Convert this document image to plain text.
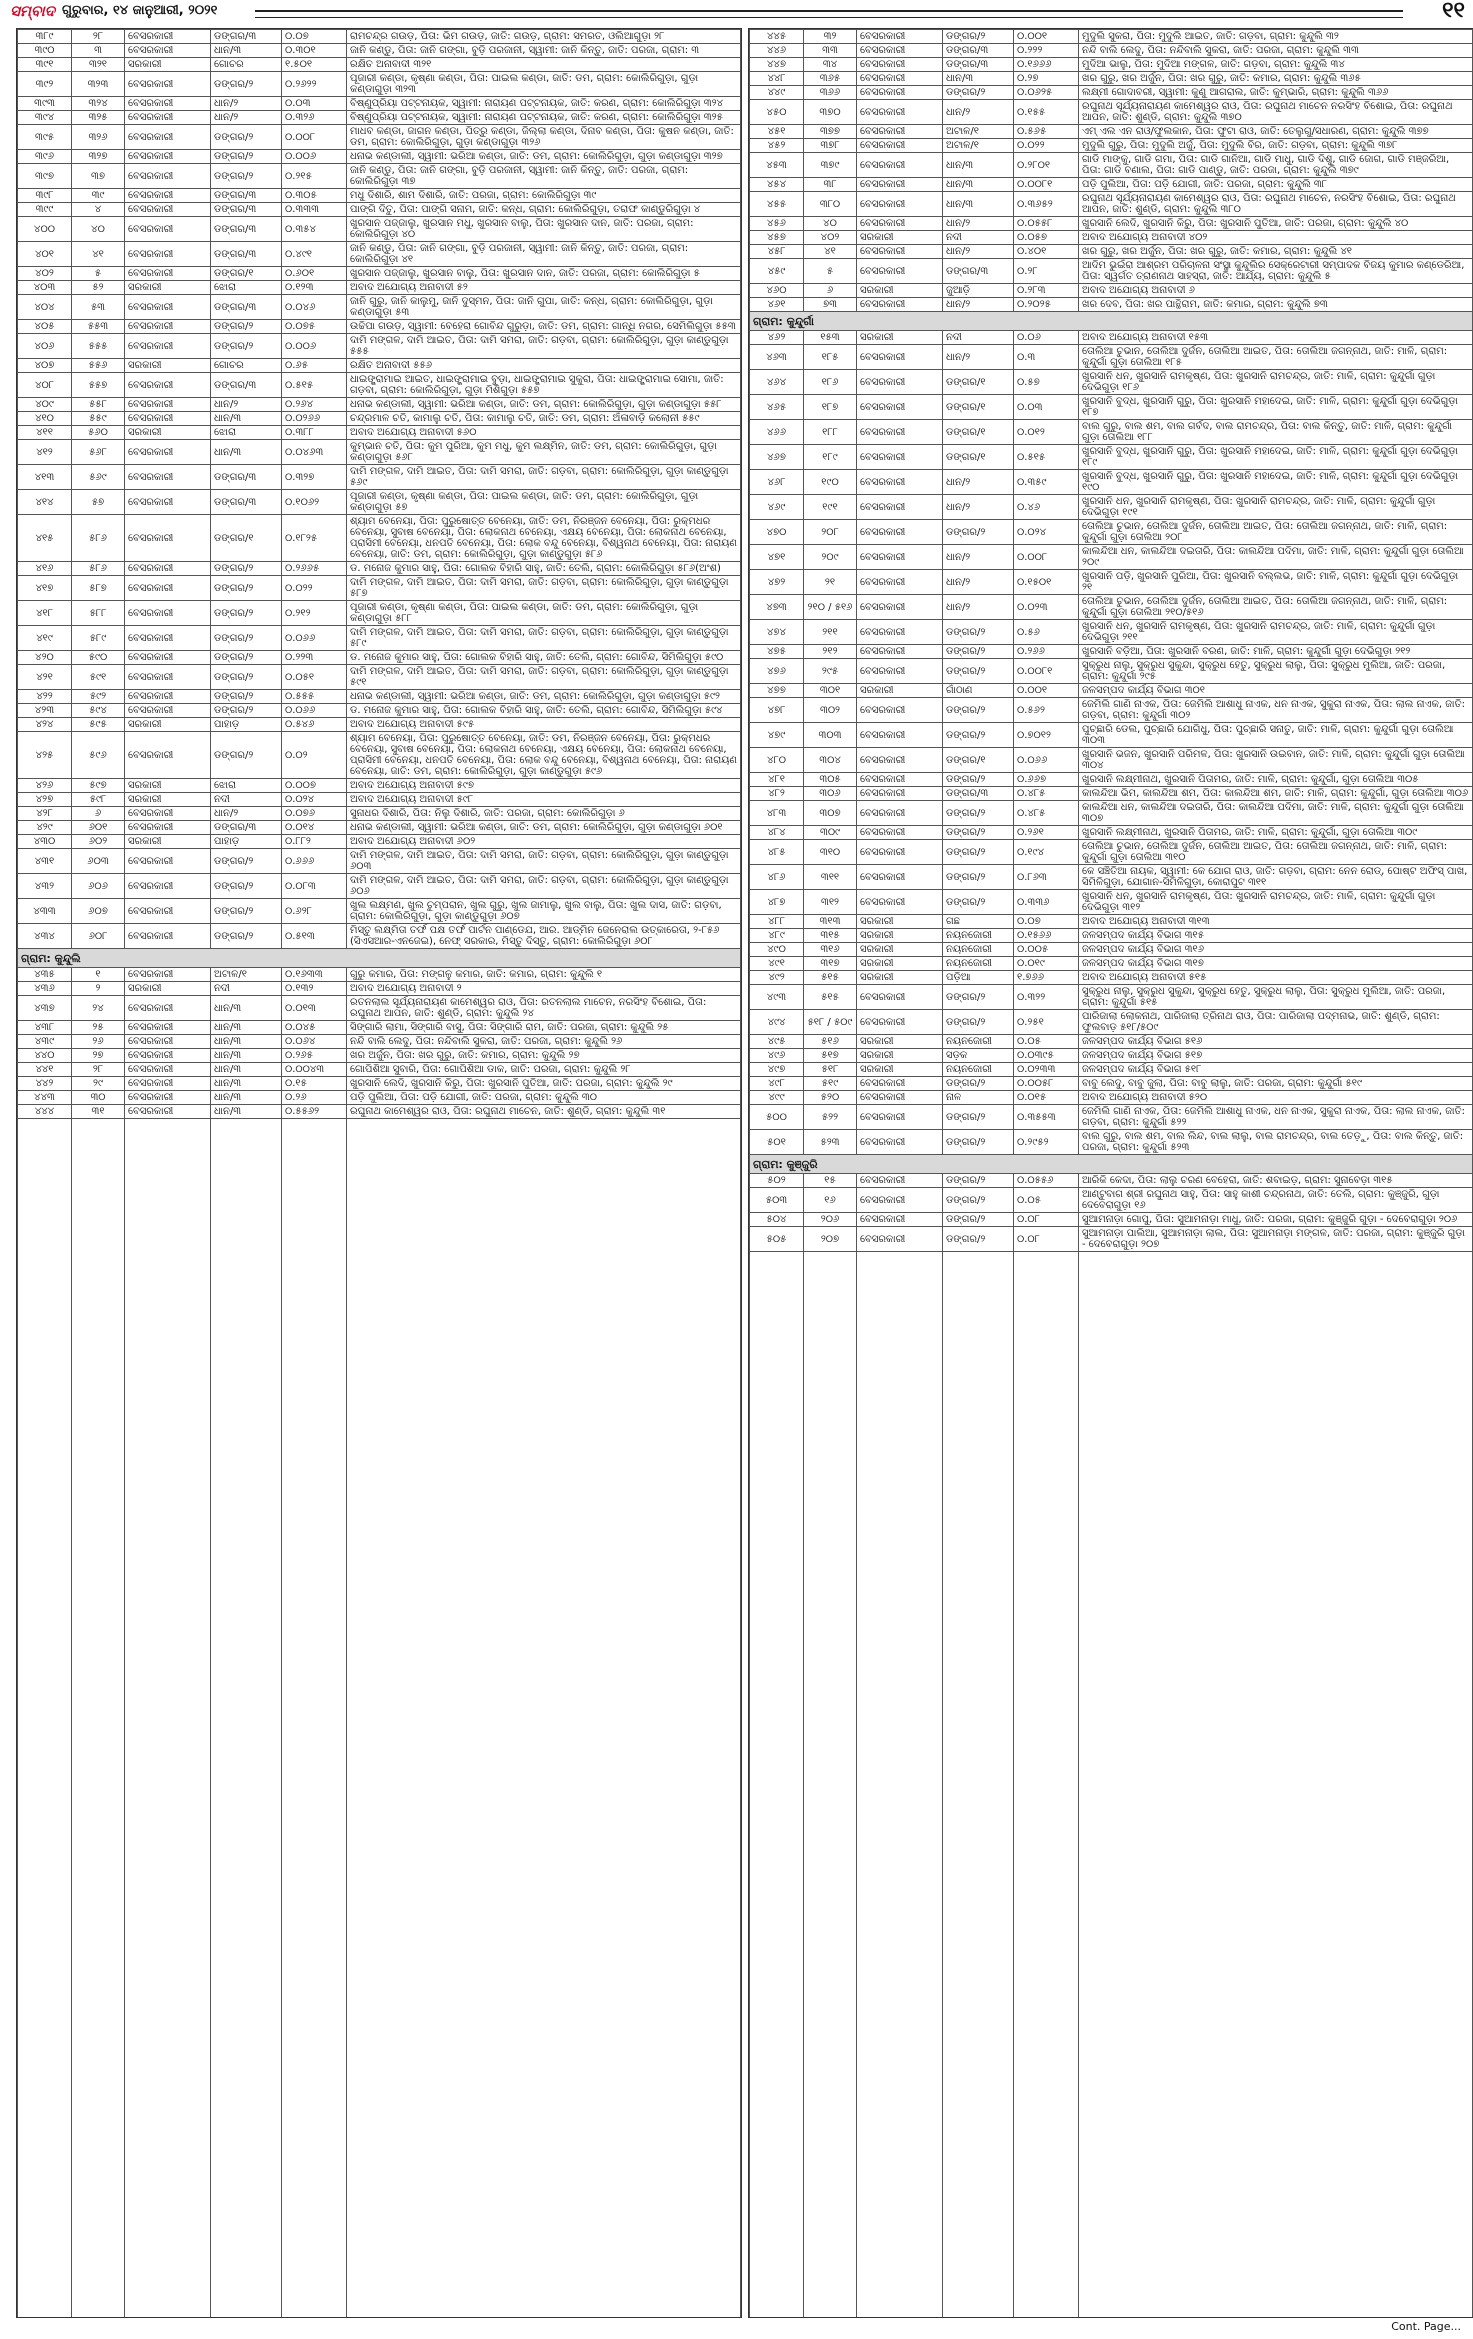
ସମ୍ବାଦ ଗୁରୁବାର, ୧୪ ଜାନୁଆରୀ, ୨୦୨୧	୧୧
୩୮୯	୨୮	ବେସରକାରୀ	ଡଙ୍ଗର/୩	୦.୦୭	ରାମଚନ୍ଦ୍ର ଗଉଡ଼, ପିତା: ଭିମ ଗଉଡ଼, ଜାତି: ଗଉଡ଼, ଗ୍ରାମ: ସମରତ, ଓଲିଆଗୁଡ଼ା ୨୮
୩୯୦	୩	ବେସରକାରୀ	ଧାନ/୩	୦.୩୦୧	ଜାନି କଣ୍ଡୁ, ପିତା: ଜାନି ଗଙ୍ଗା, ବୁଡ଼ି ପରଜାନୀ, ସ୍ୱାମୀ: ଜାନି କିନ୍ତୁ, ଜାତି: ପରଜା, ଗ୍ରାମ: ୩
୩୯୧	୩୨୧	ସରକାରୀ	ଗୋଚର	୧.୫୦୧	ରକ୍ଷିତ ଅନାବାଦୀ ୩୨୧
୩୯୨	୩୨୩	ବେସରକାରୀ	ଡଙ୍ଗର/୨	୦.୨୬୨୨	ପୂଜାରୀ କଣ୍ଡା, କୃଷ୍ଣା କଣ୍ଡା, ପିତା: ପାଇଲ କଣ୍ଡା, ଜାତି: ଡମ, ଗ୍ରାମ: କୋଲିରିଗୁଡ଼ା, ଗୁଡ଼ା କଣ୍ଡାଗୁଡ଼ା ୩୨୩
୩୯୩	୩୨୪	ବେସରକାରୀ	ଧାନ/୨	୦.୦୩	ବିଷ୍ଣୁପ୍ରିୟା ପଟ୍ଟନାୟକ, ସ୍ୱାମୀ: ନାରାୟଣ ପଟ୍ଟନାୟକ, ଜାତି: କରଣ, ଗ୍ରାମ: କୋଲିରିଗୁଡ଼ା ୩୨୪
୩୯୪	୩୨୫	ବେସରକାରୀ	ଧାନ/୨	୦.୩୨୬	ବିଷ୍ଣୁପ୍ରିୟା ପଟ୍ଟନାୟକ, ସ୍ୱାମୀ: ନାରାୟଣ ପଟ୍ଟନାୟକ, ଜାତି: କରଣ, ଗ୍ରାମ: କୋଲିରିଗୁଡ଼ା ୩୨୫
୩୯୫	୩୨୬	ବେସରକାରୀ	ଡଙ୍ଗର/୨	୦.୦୦୮	ମାଧବ କଣ୍ଡା, ଜାଗନ କଣ୍ଡା, ପିତ୍ରୁ କଣ୍ଡା, ଜିଲ୍ଲା କଣ୍ଡା, ଦିନାବ କଣ୍ଡା, ପିତା: କୁଷନ କଣ୍ଡା, ଜାତି: ଡମ, ଗ୍ରାମ: କୋଲିରିଗୁଡ଼ା, ଗୁଡ଼ା କଣ୍ଡାଗୁଡ଼ା ୩୨୬
୩୯୬	୩୨୭	ବେସରକାରୀ	ଡଙ୍ଗର/୨	୦.୦୦୬	ଧନାଭ କଣ୍ଡାଲୀ, ସ୍ୱାମୀ: ଭରିଆ କଣ୍ଡା, ଜାତି: ଡମ, ଗ୍ରାମ: କୋଲିରିଗୁଡ଼ା, ଗୁଡ଼ା କଣ୍ଡାଗୁଡ଼ା ୩୨୭
୩୯୭	୩୭	ବେସରକାରୀ	ଡଙ୍ଗର/୨	୦.୨୧୫	ଜାନି କଣ୍ଡୁ, ପିତା: ଜାନି ଗଙ୍ଗା, ବୁଡ଼ି ପରଜାନୀ, ସ୍ୱାମୀ: ଜାନି କିନ୍ତୁ, ଜାତି: ପରଜା, ଗ୍ରାମ: କୋଲିରିଗୁଡ଼ା ୩୭
୩୯୮	୩୯	ବେସରକାରୀ	ଡଙ୍ଗର/୩	୦.୩୦୫	ମଧୁ ଦିଶାରି, ଶାମ ଦିଶାରି, ଜାତି: ପରଜା, ଗ୍ରାମ: କୋଲିରିଗୁଡ଼ା ୩୯
୩୯୯	୪	ବେସରକାରୀ	ଡଙ୍ଗର/୩	୦.୩୩୩	ପାଙ୍ଗି ଦିତୁ, ପିତା: ପାଙ୍ଗି ସନାମ, ଜାତି: କନ୍ଧ, ଗ୍ରାମ: କୋଲିରିଗୁଡ଼ା, ତରାଫ କାଣ୍ଡୁରିଗୁଡ଼ା ୪
୪୦୦	୪୦	ବେସରକାରୀ	ଡଙ୍ଗର/୩	୦.୩୫୪	ଖୁରସାନ ପଜ୍ଜାଲୁ, ଖୁରସାନ ମଧୁ, ଖୁରସାନ ବାଲୁ, ପିତା: ଖୁରସାନ ଦାନ, ଜାତି: ପରଜା, ଗ୍ରାମ: କୋଲିରିଗୁଡ଼ା ୪୦
୪୦୧	୪୧	ବେସରକାରୀ	ଡଙ୍ଗର/୩	୦.୪୯୧	ଜାନି କଣ୍ଡୁ, ପିତା: ଜାନି ଗଙ୍ଗା, ବୁଡ଼ି ପରଜାନୀ, ସ୍ୱାମୀ: ଜାନି କିନ୍ତୁ, ଜାତି: ପରଜା, ଗ୍ରାମ: କୋଲିରିଗୁଡ଼ା ୪୧
୪୦୨	୫	ବେସରକାରୀ	ଡଙ୍ଗର/୧	୦.୬୦୧	ଖୁରସାନ ପଜ୍ଜାଲୁ, ଖୁରସାନ ବାଲୁ, ପିତା: ଖୁରସାନ ଦାନ, ଜାତି: ପରଜା, ଗ୍ରାମ: କୋଲିରିଗୁଡ଼ା ୫
୪୦୩	୫୨	ସରକାରୀ	ଝୋରା	୦.୧୨୩	ଅବାଦ ଅଯୋଗ୍ୟ ଅନାବାଦୀ ୫୨
୪୦୪	୫୩	ବେସରକାରୀ	ଡଙ୍ଗର/୩	୦.୦୪୬	ଜାନି ଗୁରୁ, ଜାନି କାଲୁମୁ, ଜାନି ଦୁସ୍ମନ, ପିତା: ଜାନି ଗୁପା, ଜାତି: କନ୍ଧ, ଗ୍ରାମ: କୋଲିରିଗୁଡ଼ା, ଗୁଡ଼ା କଣ୍ଡାଗୁଡ଼ା ୫୩
୪୦୫	୫୫୩	ବେସରକାରୀ	ଡଙ୍ଗର/୨	୦.୦୭୫	ଉଚ୍ଚିପା ଗଉଡ଼, ସ୍ୱାମୀ: ବେହେରା ଗୋବିନ୍ଦ ଗୁରୁଡ଼ା, ଜାତି: ଡମ, ଗ୍ରାମ: ଗାନ୍ଧି ନଗର, ସେମିଲିଗୁଡ଼ା ୫୫୩
୪୦୬	୫୫୫	ବେସରକାରୀ	ଡଙ୍ଗର/୨	୦.୦୦୬	ଦାମି ମଙ୍ଗଳ, ଦାମି ଆଇତ, ପିତା: ଦାମି ସମରା, ଜାତି: ଗଡ଼ବା, ଗ୍ରାମ: କୋଲିରିଗୁଡ଼ା, ଗୁଡ଼ା କାଣ୍ଡୁଗୁଡ଼ା ୫୫୫
୪୦୭	୫୫୬	ସରକାରୀ	ଗୋଚର	୦.୬୫	ରକ୍ଷିତ ଅନାବାଦୀ ୫୫୬
୪୦୮	୫୫୭	ବେସରକାରୀ	ଡଙ୍ଗର/୩	୦.୫୧୫	ଧାଇଙ୍ଗ୍ରାମାଇ ଆଇତ, ଧାଇଙ୍ଗ୍ରାମାଇ ବୁଡ଼ା, ଧାଇଙ୍ଗ୍ରାମାଇ ସୁକୁରା, ପିତା: ଧାଇଙ୍ଗ୍ରାମାଇ ସୋମା, ଜାତି: ଗଡ଼ବା, ଗ୍ରାମ: କୋଲିରିଗୁଡ଼ା, ଗୁଡ଼ା ମିଶିଗୁଡ଼ା ୫୫୭
୪୦୯	୫୫୮	ବେସରକାରୀ	ଧାନ/୨	୦.୨୬୪	ଧନାଭ କଣ୍ଡାଲୀ, ସ୍ୱାମୀ: ଭରିଆ କଣ୍ଡା, ଜାତି: ଡମ, ଗ୍ରାମ: କୋଲିରିଗୁଡ଼ା, ଗୁଡ଼ା କଣ୍ଡାଗୁଡ଼ା ୫୫୮
୪୧୦	୫୫୯	ବେସରକାରୀ	ଧାନ/୩	୦.୦୨୬୬	ଚନ୍ଦ୍ରମାଳ ଚତି, କାମାଲୁ ଚତି, ପିତା: କାମାଲୁ ଚତି, ଜାତି: ଡମ, ଗ୍ରାମ: ଅଁଳାବାଡ଼ି କଲୋନୀ ୫୫୯
୪୧୧	୫୬୦	ସରକାରୀ	ଝୋରା	୦.୩୮୮	ଅବାଦ ଅଯୋଗ୍ୟ ଅନାବାଦୀ ୫୬୦
୪୧୨	୫୬୮	ବେସରକାରୀ	ଧାନ/୩	୦.୦୪୬୩	କୁମ୍ଭାନ ଚତି, ପିତା: କୁମ ପୁରିଆ, କୁମ ମଧୁ, କୁମ ଲକ୍ଷ୍ମିନ, ଜାତି: ଡମ, ଗ୍ରାମ: କୋଲିରିଗୁଡ଼ା, ଗୁଡ଼ା କଣ୍ଡାଗୁଡ଼ା ୫୬୮
୪୧୩	୫୬୯	ବେସରକାରୀ	ଡଙ୍ଗର/୩	୦.୩୨୭	ଦାମି ମଙ୍ଗଳ, ଦାମି ଆଇତ, ପିତା: ଦାମି ସମରା, ଜାତି: ଗଡ଼ବା, ଗ୍ରାମ: କୋଲିରିଗୁଡ଼ା, ଗୁଡ଼ା କାଣ୍ଡୁଗୁଡ଼ା ୫୬୯
୪୧୪	୫୭	ବେସରକାରୀ	ଡଙ୍ଗର/୩	୦.୧୦୬୨	ପୂଜାରୀ କଣ୍ଡା, କୃଷ୍ଣା କଣ୍ଡା, ପିତା: ପାଇଲ କଣ୍ଡା, ଜାତି: ଡମ, ଗ୍ରାମ: କୋଲିରିଗୁଡ଼ା, ଗୁଡ଼ା କଣ୍ଡାଗୁଡ଼ା ୫୭
୪୧୫	୫୮୬	ବେସରକାରୀ	ଡଙ୍ଗର/୧	୦.୧୮୨୫	ଶ୍ୟାମ ବେନେୟା, ପିତା: ପୁରୁଷୋତ୍ତ ବେନେୟା, ଜାତି: ଡମ, ନିରଞ୍ଜନ ବେନେୟା, ପିତା: ରୁକ୍ମଧର ବେନେୟା, ସୁବାଷ ବେନେୟା, ପିତା: ଲୋକନାଥ ବେନେୟା, ଏକ୍ଷୟ ବେନେୟା, ପିତା: ଲୋକନାଥ ବେନେୟା, ପ୍ରାସିମୀ ବେନେୟା, ଧନପତି ବେନେୟା, ପିତା: ଲୋକ ବନ୍ଦୁ ବେନେୟା, ବିଶ୍ୱନାଥ ବେନେୟା, ପିତା: ନାରାୟଣ ବେନେୟା, ଜାତି: ଡମ, ଗ୍ରାମ: କୋଲିରିଗୁଡ଼ା, ଗୁଡ଼ା କାଣ୍ଡୁଗୁଡ଼ା ୫୮୬
୪୧୬	୫୮୬	ବେସରକାରୀ	ଡଙ୍ଗର/୨	୦.୨୬୬୫	ଡ. ମନୋଜ କୁମାର ସାହୁ, ପିତା: ଗୋଲକ ବିହାରି ସାହୁ, ଜାତି: ତେଲି, ଗ୍ରାମ: କୋଲିରିଗୁଡ଼ା ୫୮୬(ଅଂଶ)
୪୧୭	୫୮୭	ବେସରକାରୀ	ଡଙ୍ଗର/୨	୦.୦୨୨	ଦାମି ମଙ୍ଗଳ, ଦାମି ଆଇତ, ପିତା: ଦାମି ସମରା, ଜାତି: ଗଡ଼ବା, ଗ୍ରାମ: କୋଲିରିଗୁଡ଼ା, ଗୁଡ଼ା କାଣ୍ଡୁଗୁଡ଼ା ୫୮୭
୪୧୮	୫୮୮	ବେସରକାରୀ	ଡଙ୍ଗର/୨	୦.୨୧୨	ପୂଜାରୀ କଣ୍ଡା, କୃଷ୍ଣା କଣ୍ଡା, ପିତା: ପାଇଲ କଣ୍ଡା, ଜାତି: ଡମ, ଗ୍ରାମ: କୋଲିରିଗୁଡ଼ା, ଗୁଡ଼ା କଣ୍ଡାଗୁଡ଼ା ୫୮୮
୪୧୯	୫୮୯	ବେସରକାରୀ	ଡଙ୍ଗର/୨	୦.୦୬୬	ଦାମି ମଙ୍ଗଳ, ଦାମି ଆଇତ, ପିତା: ଦାମି ସମରା, ଜାତି: ଗଡ଼ବା, ଗ୍ରାମ: କୋଲିରିଗୁଡ଼ା, ଗୁଡ଼ା କାଣ୍ଡୁଗୁଡ଼ା ୫୮୯
୪୨୦	୫୯୦	ବେସରକାରୀ	ଡଙ୍ଗର/୨	୦.୨୨୩	ଡ. ମନୋଜ କୁମାର ସାହୁ, ପିତା: ଗୋଲକ ବିହାରି ସାହୁ, ଜାତି: ତେଲି, ଗ୍ରାମ: ଗୋବିନ୍ଦ, ସିମିଲିଗୁଡ଼ା ୫୯୦
୪୨୧	୫୯୧	ବେସରକାରୀ	ଡଙ୍ଗର/୨	୦.୦୫୧	ଦାମି ମଙ୍ଗଳ, ଦାମି ଆଇତ, ପିତା: ଦାମି ସମରା, ଜାତି: ଗଡ଼ବା, ଗ୍ରାମ: କୋଲିରିଗୁଡ଼ା, ଗୁଡ଼ା କାଣ୍ଡୁଗୁଡ଼ା ୫୯୧
୪୨୨	୫୯୨	ବେସରକାରୀ	ଡଙ୍ଗର/୨	୦.୫୫୫	ଧନାଭ କଣ୍ଡାଲୀ, ସ୍ୱାମୀ: ଭରିଆ କଣ୍ଡା, ଜାତି: ଡମ, ଗ୍ରାମ: କୋଲିରିଗୁଡ଼ା, ଗୁଡ଼ା କଣ୍ଡାଗୁଡ଼ା ୫୯୨
୪୨୩	୫୯୪	ବେସରକାରୀ	ଡଙ୍ଗର/୨	୦.୦୬୬	ଡ. ମନୋଜ କୁମାର ସାହୁ, ପିତା: ଗୋଲକ ବିହାରି ସାହୁ, ଜାତି: ତେଲି, ଗ୍ରାମ: ଗୋବିନ୍ଦ, ସିମିଲିଗୁଡ଼ା ୫୯୪
୪୨୪	୫୯୫	ସରକାରୀ	ପାହାଡ଼	୦.୫୪୬	ଅବାଦ ଅଯୋଗ୍ୟ ଅନାବାଦୀ ୫୯୫
୪୨୫	୫୯୬	ବେସରକାରୀ	ଡଙ୍ଗର/୨	୦.୦୨	ଶ୍ୟାମ ବେନେୟା, ପିତା: ପୁରୁଷୋତ୍ତ ବେନେୟା, ଜାତି: ଡମ, ନିରଞ୍ଜନ ବେନେୟା, ପିତା: ରୁକ୍ମଧର ବେନେୟା, ସୁବାଷ ବେନେୟା, ପିତା: ଲୋକନାଥ ବେନେୟା, ଏକ୍ଷୟ ବେନେୟା, ପିତା: ଲୋକନାଥ ବେନେୟା, ପ୍ରାସିମୀ ବେନେୟା, ଧନପତି ବେନେୟା, ପିତା: ଲୋକ ବନ୍ଦୁ ବେନେୟା, ବିଶ୍ୱନାଥ ବେନେୟା, ପିତା: ନାରାୟଣ ବେନେୟା, ଜାତି: ଡମ, ଗ୍ରାମ: କୋଲିରିଗୁଡ଼ା, ଗୁଡ଼ା କାଣ୍ଡୁଗୁଡ଼ା ୫୯୬
୪୨୬	୫୯୭	ସରକାରୀ	ଝୋରା	୦.୦୦୭	ଅବାଦ ଅଯୋଗ୍ୟ ଅନାବାଦୀ ୫୯୭
୪୨୭	୫୯୮	ସରକାରୀ	ନଦୀ	୦.୦୨୪	ଅବାଦ ଅଯୋଗ୍ୟ ଅନାବାଦୀ ୫୯୮
୪୨୮	୬	ବେସରକାରୀ	ଧାନ/୨	୦.୦୭୬	ସୁନାଧର ଦିଶାରି, ପିତା: ନିଲୁ ଦିଶାରି, ଜାତି: ପରଜା, ଗ୍ରାମ: କୋଲିରିଗୁଡ଼ା ୬
୪୨୯	୬୦୧	ବେସରକାରୀ	ଡଙ୍ଗର/୩	୦.୦୧୪	ଧନାଭ କଣ୍ଡାଲୀ, ସ୍ୱାମୀ: ଭରିଆ କଣ୍ଡା, ଜାତି: ଡମ, ଗ୍ରାମ: କୋଲିରିଗୁଡ଼ା, ଗୁଡ଼ା କଣ୍ଡାଗୁଡ଼ା ୬୦୧
୪୩୦	୬୦୨	ସରକାରୀ	ପାହାଡ଼	୦.୮୮୨	ଅବାଦ ଅଯୋଗ୍ୟ ଅନାବାଦୀ ୬୦୨
୪୩୧	୬୦୩	ବେସରକାରୀ	ଡଙ୍ଗର/୨	୦.୬୬୬	ଦାମି ମଙ୍ଗଳ, ଦାମି ଆଇତ, ପିତା: ଦାମି ସମରା, ଜାତି: ଗଡ଼ବା, ଗ୍ରାମ: କୋଲିରିଗୁଡ଼ା, ଗୁଡ଼ା କାଣ୍ଡୁଗୁଡ଼ା ୬୦୩
୪୩୨	୬୦୬	ବେସରକାରୀ	ଡଙ୍ଗର/୨	୦.୦୮୩	ଦାମି ମଙ୍ଗଳ, ଦାମି ଆଇତ, ପିତା: ଦାମି ସମରା, ଜାତି: ଗଡ଼ବା, ଗ୍ରାମ: କୋଲିରିଗୁଡ଼ା, ଗୁଡ଼ା କାଣ୍ଡୁଗୁଡ଼ା ୬୦୬
୪୩୩	୬୦୭	ବେସରକାରୀ	ଡଙ୍ଗର/୨	୦.୬୨୮	ଖୁଲ ଲକ୍ଷ୍ମଣ, ଖୁଲ ଚୁମ୍ପରାନ, ଖୁଲ ଗୁରୁ, ଖୁଲ ଜାମାଲୁ, ଖୁଲ ବାଲୁ, ପିତା: ଖୁଲ ଦାସ, ଜାତି: ଗଡ଼ବା, ଗ୍ରାମ: କୋଲିରିଗୁଡ଼ା, ଗୁଡ଼ା କାଣ୍ଡୁଗୁଡ଼ା ୬୦୭
୪୩୪	୬୦୮	ବେସରକାରୀ	ଡଙ୍ଗର/୨	୦.୫୧୩	ମିସ୍ତୁ ଲକ୍ଷ୍ମିତା ତର୍ଫ ପକ୍ଷ ତର୍ଫ ପାର୍ଟନ ପାଣ୍ଡେଯ, ଆର. ଆଡ୍ମିନ ଜେନେରାଲ ଉତ୍କାରେତା, ୨-୮୫୬ (ସିଏସଆର-ଏନଜେଇ), ନେଫ୍ ସରକାର, ମିସ୍ତୁ ଦିସ୍ତୁ, ଗ୍ରାମ: କୋଲିରିଗୁଡ଼ା ୬୦୮
ଗ୍ରାମ: କୁନ୍ଦୁଲି					
୪୩୫	୧	ବେସରକାରୀ	ଅଟାଳ/୧	୦.୧୬୩୩	ଗୁରୁ କମାର, ପିତା: ମଙ୍ଗଳୁ କମାର, ଜାତି: କମାର, ଗ୍ରାମ: କୁନ୍ଦୁଲି ୧
୪୩୬	୨	ସରକାରୀ	ନଦୀ	୦.୧୩୨	ଅବାଦ ଅଯୋଗ୍ୟ ଅନାବାଦୀ ୨
୪୩୭	୨୪	ବେସରକାରୀ	ଧାନ/୩	୦.୦୧୩	ରତନଲାଲ ସୂର୍ଯ୍ୟନାରାୟଣ କାମେଶ୍ୱର ରାଓ, ପିତା: ରତନଲାଲ ମାଚେନ, ନରସିଂହ ବିଶୋଇ, ପିତା: ରଘୁନାଥ ଆପନ, ଜାତି: ଶୁଣ୍ଡି, ଗ୍ରାମ: କୁନ୍ଦୁଲି ୨୪
୪୩୮	୨୫	ବେସରକାରୀ	ଧାନ/୩	୦.୦୪୫	ସିଙ୍ଗାରି ଲାମା, ସିଙ୍ଗାରି ବାସୁ, ପିତା: ସିଙ୍ଗାରି ରାମ, ଜାତି: ପରଜା, ଗ୍ରାମ: କୁନ୍ଦୁଲି ୨୫
୪୩୯	୨୬	ବେସରକାରୀ	ଧାନ/୩	୦.୦୬୪	ନନ୍ଦି ବାଲି ଲେଦୁ, ପିତା: ନନ୍ଦିବାଲି ସୁକରା, ଜାତି: ପରଜା, ଗ୍ରାମ: କୁନ୍ଦୁଲି ୨୬
୪୪୦	୨୭	ବେସରକାରୀ	ଧାନ/୩	୦.୨୬୫	ଖର ଅର୍ଜୁନ, ପିତା: ଖର ଗୁରୁ, ଜାତି: କମାର, ଗ୍ରାମ: କୁନ୍ଦୁଲି ୨୭
୪୪୧	୨୮	ବେସରକାରୀ	ଧାନ/୩	୦.୦୦୪୩	ଗୋପିଶିଆ ସୁବାରି, ପିତା: ଗୋପିଶିଆ ଡାକ, ଜାତି: ପରଜା, ଗ୍ରାମ: କୁନ୍ଦୁଲି ୨୮
୪୪୨	୨୯	ବେସରକାରୀ	ଧାନ/୩	୦.୧୫	ଖୁରସାନି ଲେଦି, ଖୁରସାନି କିରୁ, ପିତା: ଖୁରସାନି ପୁତିଆ, ଜାତି: ପରଜା, ଗ୍ରାମ: କୁନ୍ଦୁଲି ୨୯
୪୪୩	୩୦	ବେସରକାରୀ	ଧାନ/୩	୦.୨୬	ପଡ଼ି ପୁଲିଆ, ପିତା: ପଡ଼ି ଯୋଗୀ, ଜାତି: ପରଜା, ଗ୍ରାମ: କୁନ୍ଦୁଲି ୩୦
୪୪୪	୩୧	ବେସରକାରୀ	ଧାନ/୩	୦.୫୫୬୨	ରଘୁନାଥ କାମେଶ୍ୱର ରାଓ, ପିତା: ରଘୁନାଥ ମାଚେନ, ଜାତି: ଶୁଣ୍ଡି, ଗ୍ରାମ: କୁନ୍ଦୁଲି ୩୧

୪୪୫	୩୨	ବେସରକାରୀ	ଡଙ୍ଗର/୨	୦.୦୦୧	ମୁଦୁଲି ସୁକରା, ପିତା: ମୁଦୁଲି ଆଇତ, ଜାତି: ଗଡ଼ବା, ଗ୍ରାମ: କୁନ୍ଦୁଲି ୩୨
୪୪୬	୩୩	ବେସରକାରୀ	ଡଙ୍ଗର/୩	୦.୨୨୨	ନନ୍ଦି ବାଲି ଲେଦୁ, ପିତା: ନନ୍ଦିବାଲି ସୁକରା, ଜାତି: ପରଜା, ଗ୍ରାମ: କୁନ୍ଦୁଲି ୩୩
୪୪୭	୩୪	ବେସରକାରୀ	ଡଙ୍ଗର/୩	୦.୧୬୬୬	ମୁଦିଆ ଭାଲୁ, ପିତା: ମୁଦିଆ ମଙ୍ଗଳ, ଜାତି: ଗଡ଼ବା, ଗ୍ରାମ: କୁନ୍ଦୁଲି ୩୪
୪୪୮	୩୬୫	ବେସରକାରୀ	ଧାନ/୩	୦.୨୭	ଖର ଗୁରୁ, ଖର ଅର୍ଜୁନ, ପିତା: ଖର ଗୁରୁ, ଜାତି: କମାର, ଗ୍ରାମ: କୁନ୍ଦୁଲି ୩୬୫
୪୪୯	୩୬୬	ବେସରକାରୀ	ଡଙ୍ଗର/୨	୦.୦୬୨୫	ଲକ୍ଷ୍ମୀ ଗୋଦାବରୀ, ସ୍ୱାମୀ: କୁଣୁ ଆଗରାଲ, ଜାତି: କୁମ୍ଭାରି, ଗ୍ରାମ: କୁନ୍ଦୁଲି ୩୬୬
୪୫୦	୩୭୦	ବେସରକାରୀ	ଧାନ/୨	୦.୧୫୫	ରଘୁନାଥ ସୂର୍ଯ୍ୟନାରାୟଣ କାମେଶ୍ୱର ରାଓ, ପିତା: ରଘୁନାଥ ମାଚେନ ନରସିଂହ ବିଶୋଇ, ପିତା: ରଘୁନାଥ ଆପନ, ଜାତି: ଶୁଣ୍ଡି, ଗ୍ରାମ: କୁନ୍ଦୁଲି ୩୭୦
୪୫୧	୩୭୭	ବେସରକାରୀ	ଅଟାଳ/୧	୦.୫୬୫	ଏମ୍ ଏଲ ଏନ ରାଓ/ଫୁଲକାନ, ପିତା: ଫୁଟା ରାଓ, ଜାତି: ତେଲୁଗୁ/ସଧାରଣ, ଗ୍ରାମ: କୁନ୍ଦୁଲି ୩୭୭
୪୫୨	୩୭୮	ବେସରକାରୀ	ଅଟାଳ/୧	୦.୦୨୨	ମୁଦୁଲି ଗୁରୁ, ପିତା: ମୁଦୁଲି ଅର୍ଜୁ, ପିତା: ମୁଦୁଲି ବିର, ଜାତି: ଗଡ଼ବା, ଗ୍ରାମ: କୁନ୍ଦୁଲି ୩୭୮
୪୫୩	୩୭୯	ବେସରକାରୀ	ଧାନ/୩	୦.୨୮୦୧	ଗାଡି ମାଙ୍କୁ, ଗାଡି ଗମା, ପିତା: ଗାଡି ଗାନିଆ, ଗାଡି ମାଧୁ, ଗାଡି ଦିଶୁ, ଗାଡି ଜୋଗ, ଗାଡି ମଞ୍ଜରିଆ, ପିତା: ଗାଡି ବଣାଲ, ପିତା: ଗାଡି ପାଣ୍ଡୁ, ଜାତି: ପରଜା, ଗ୍ରାମ: କୁନ୍ଦୁଲି ୩୭୯
୪୫୪	୩୮	ବେସରକାରୀ	ଧାନ/୩	୦.୦୦୮୧	ପଡ଼ି ପୁଲିଆ, ପିତା: ପଡ଼ି ଯୋଗୀ, ଜାତି: ପରଜା, ଗ୍ରାମ: କୁନ୍ଦୁଲି ୩୮
୪୫୫	୩୮୦	ବେସରକାରୀ	ଧାନ/୩	୦.୩୬୫୨	ରଘୁନାଥ ସୂର୍ଯ୍ୟନାରାୟଣ କାମେଶ୍ୱର ରାଓ, ପିତା: ରଘୁନାଥ ମାଚେନ, ନରସିଂହ ବିଶୋଇ, ପିତା: ରଘୁନାଥ ଆପନ, ଜାତି: ଶୁଣ୍ଡି, ଗ୍ରାମ: କୁନ୍ଦୁଲି ୩୮୦
୪୫୬	୪୦	ବେସରକାରୀ	ଧାନ/୨	୦.୦୫୫୮	ଖୁରସାନି ଲେଦି, ଖୁରସାନି କିରୁ, ପିତା: ଖୁରସାନି ପୁତିଆ, ଜାତି: ପରଜା, ଗ୍ରାମ: କୁନ୍ଦୁଲି ୪୦
୪୫୭	୪୦୨	ସରକାରୀ	ନଦୀ	୦.୦୫୭	ଅବାଦ ଅଯୋଗ୍ୟ ଅନାବାଦୀ ୪୦୨
୪୫୮	୪୧	ବେସରକାରୀ	ଧାନ/୨	୦.୪୦୧	ଖର ଗୁରୁ, ଖର ଅର୍ଜୁନ, ପିତା: ଖର ଗୁରୁ, ଜାତି: କମାର, ଗ୍ରାମ: କୁନ୍ଦୁଲି ୪୧
୪୫୯	୫	ବେସରକାରୀ	ଡଙ୍ଗର/୩	୦.୨୮	ଆଦିମ ଭୁଇଁରା ଆଶ୍ରମ ପରିଚାଳନା ସଂସ୍ଥା କୁନ୍ଦୁଲିର ସେକ୍ରେଟାରୀ ସମ୍ପାଦକ ବିଜୟ କୁମାର କଣ୍ଡେରିଆ, ପିତା: ସ୍ୱର୍ଗତ ତ୍ରାଣନାଥ ସାହସ୍ରା, ଜାତି: ଆର୍ଯ୍ୟ, ଗ୍ରାମ: କୁନ୍ଦୁଲି ୫
୪୬୦	୬	ସରକାରୀ	ଜୁଆଡ଼ି	୦.୨୮୩	ଅବାଦ ଅଯୋଗ୍ୟ ଅନାବାଦୀ ୬
୪୬୧	୭୩	ବେସରକାରୀ	ଧାନ/୨	୦.୨୦୨୫	ଖର ଦେବ, ପିତା: ଖର ପାନ୍ଥିରାମ, ଜାତି: କମାର, ଗ୍ରାମ: କୁନ୍ଦୁଲି ୭୩
ଗ୍ରାମ: କୁନ୍ଦୁର୍ଗା					
୪୬୨	୧୫୩	ସରକାରୀ	ନଦୀ	୦.୦୬	ଅବାଦ ଅଯୋଗ୍ୟ ଅନାବାଦୀ ୧୫୩
୪୬୩	୧୮୫	ବେସରକାରୀ	ଧାନ/୨	୦.୩	ତୋଲିଆ ଚୁଭାନ, ତୋଲିଆ ଦୁର୍ଜନ, ତୋଲିଆ ଆଇତ, ପିତା: ତୋଲିଆ ଜଗନ୍ନାଥ, ଜାତି: ମାଳି, ଗ୍ରାମ: କୁନ୍ଦୁର୍ଗା ଗୁଡ଼ା ତୋଲିଆ ୧୮୫
୪୬୪	୧୮୬	ବେସରକାରୀ	ଡଙ୍ଗର/୧	୦.୫୭	ଖୁରସାନି ଧନ, ଖୁରସାନି ରାମକୃଷ୍ଣ, ପିତା: ଖୁରସାନି ରାମଚନ୍ଦ୍ର, ଜାତି: ମାଳି, ଗ୍ରାମ: କୁନ୍ଦୁର୍ଗା ଗୁଡ଼ା ଦେଭିଗୁଡ଼ା ୧୮୬
୪୬୫	୧୮୭	ବେସରକାରୀ	ଡଙ୍ଗର/୧	୦.୦୩	ଖୁରସାନି ବୁଦ୍ଧ, ଖୁରସାନି ଗୁରୁ, ପିତା: ଖୁରସାନି ମହାଦେଇ, ଜାତି: ମାଳି, ଗ୍ରାମ: କୁନ୍ଦୁର୍ଗା ଗୁଡ଼ା ଦେଭିଗୁଡ଼ା ୧୮୭
୪୬୬	୧୮୮	ବେସରକାରୀ	ଡଙ୍ଗର/୧	୦.୦୧୨	ବାଲ ଗୁରୁ, ବାଲ ଶମ, ବାଲ ଗର୍ବଦ, ବାଲ ରାମଚନ୍ଦ୍ର, ପିତା: ବାଲ କିନ୍ତୁ, ଜାତି: ମାଳି, ଗ୍ରାମ: କୁନ୍ଦୁର୍ଗା ଗୁଡ଼ା ତୋଲିଆ ୧୮୮
୪୬୭	୧୮୯	ବେସରକାରୀ	ଡଙ୍ଗର/୧	୦.୫୧୫	ଖୁରସାନି ବୁଦ୍ଧ, ଖୁରସାନି ଗୁରୁ, ପିତା: ଖୁରସାନି ମହାଦେଇ, ଜାତି: ମାଳି, ଗ୍ରାମ: କୁନ୍ଦୁର୍ଗା ଗୁଡ଼ା ଦେଭିଗୁଡ଼ା ୧୮୯
୪୬୮	୧୯୦	ବେସରକାରୀ	ଧାନ/୨	୦.୩୫୯	ଖୁରସାନି ବୁଦ୍ଧ, ଖୁରସାନି ଗୁରୁ, ପିତା: ଖୁରସାନି ମହାଦେଇ, ଜାତି: ମାଳି, ଗ୍ରାମ: କୁନ୍ଦୁର୍ଗା ଗୁଡ଼ା ଦେଭିଗୁଡ଼ା ୧୯୦
୪୬୯	୧୯୧	ବେସରକାରୀ	ଧାନ/୨	୦.୪୬	ଖୁରସାନି ଧନ, ଖୁରସାନି ରାମକୃଷ୍ଣ, ପିତା: ଖୁରସାନି ରାମଚନ୍ଦ୍ର, ଜାତି: ମାଳି, ଗ୍ରାମ: କୁନ୍ଦୁର୍ଗା ଗୁଡ଼ା ଦେଭିଗୁଡ଼ା ୧୯୧
୪୭୦	୨୦୮	ବେସରକାରୀ	ଡଙ୍ଗର/୨	୦.୦୨୪	ତୋଲିଆ ଚୁଭାନ, ତୋଲିଆ ଦୁର୍ଜନ, ତୋଲିଆ ଆଇତ, ପିତା: ତୋଲିଆ ଜଗନ୍ନାଥ, ଜାତି: ମାଳି, ଗ୍ରାମ: କୁନ୍ଦୁର୍ଗା ଗୁଡ଼ା ତୋଲିଆ ୨୦୮
୪୭୧	୨୦୯	ବେସରକାରୀ	ଧାନ/୨	୦.୦୦୮	କାଲନ୍ଦିଆ ଧନ, କାଲନ୍ଦିଆ ଦଇତାରି, ପିତା: କାଲନ୍ଦିଆ ପଦିମା, ଜାତି: ମାଳି, ଗ୍ରାମ: କୁନ୍ଦୁର୍ଗା ଗୁଡ଼ା ତୋଲିଆ ୨୦୯
୪୭୨	୨୧	ବେସରକାରୀ	ଧାନ/୨	୦.୧୫୦୧	ଖୁରସାନି ପଡ଼ି, ଖୁରସାନି ପୁରିଆ, ପିତା: ଖୁରସାନି ବଲ୍ଲଭ, ଜାତି: ମାଳି, ଗ୍ରାମ: କୁନ୍ଦୁର୍ଗା ଗୁଡ଼ା ଦେଭିଗୁଡ଼ା ୨୧
୪୭୩	୨୧୦ / ୫୧୬	ବେସରକାରୀ	ଧାନ/୨	୦.୦୨୩	ତୋଲିଆ ଚୁଭାନ, ତୋଲିଆ ଦୁର୍ଜନ, ତୋଲିଆ ଆଇତ, ପିତା: ତୋଲିଆ ଜଗନ୍ନାଥ, ଜାତି: ମାଳି, ଗ୍ରାମ: କୁନ୍ଦୁର୍ଗା ଗୁଡ଼ା ତୋଲିଆ ୨୧୦/୫୧୬
୪୭୪	୨୧୧	ବେସରକାରୀ	ଡଙ୍ଗର/୨	୦.୫୬	ଖୁରସାନି ଧନ, ଖୁରସାନି ରାମକୃଷ୍ଣ, ପିତା: ଖୁରସାନି ରାମଚନ୍ଦ୍ର, ଜାତି: ମାଳି, ଗ୍ରାମ: କୁନ୍ଦୁର୍ଗା ଗୁଡ଼ା ଦେଭିଗୁଡ଼ା ୨୧୧
୪୭୫	୨୧୨	ବେସରକାରୀ	ଡଙ୍ଗର/୨	୦.୨୬୬	ଖୁରସାନି ବଡ଼ିଆ, ପିତା: ଖୁରସାନି ବରଣ, ଜାତି: ମାଳି, ଗ୍ରାମ: କୁନ୍ଦୁର୍ଗା ଗୁଡ଼ା ଦେଭିଗୁଡ଼ା ୨୧୨
୪୭୬	୨୯୫	ବେସରକାରୀ	ଡଙ୍ଗର/୨	୦.୦୦୮୧	ସୁକ୍ରୁଧ ନାଲୁ, ସୁକ୍ରୁଧ ସୁକୁନ୍ଦା, ସୁକ୍ରୁଧ ହେତୁ, ସୁକ୍ରୁଧ ଲାଲୁ, ପିତା: ସୁକ୍ରୁଧ ମୁଲିଆ, ଜାତି: ପରଜା, ଗ୍ରାମ: କୁନ୍ଦୁର୍ଗା ୨୯୫
୪୭୭	୩୦୧	ସରକାରୀ	ଗାଁଠାଣ	୦.୦୦୧	ଜଳସମ୍ପଦ କାର୍ଯ୍ୟ ବିଭାଗ ୩୦୧
୪୭୮	୩୦୨	ବେସରକାରୀ	ଡଙ୍ଗର/୨	୦.୫୬୨	ଜେମିଲି ଗାଣି ନାଏକ, ପିତା: ଜେମିଲି ଆଶାଧୁ ନାଏକ, ଧନ ନାଏକ, ସୁକୁରା ନାଏକ, ପିତା: ଲାଲ ନାଏକ, ଜାତି: ଗଡ଼ବା, ଗ୍ରାମ: କୁନ୍ଦୁର୍ଗା ୩୦୨
୪୭୯	୩୦୩	ବେସରକାରୀ	ଡଙ୍ଗର/୨	୦.୭୦୧୨	ପୁଚ୍ଛାରି ଡେଲ, ପୁଚ୍ଛାରି ଯୋଗିଧୁ, ପିତା: ପୁଚ୍ଛାରି ସନାତୁ, ଜାତି: ମାଳି, ଗ୍ରାମ: କୁନ୍ଦୁର୍ଗା ଗୁଡ଼ା ତୋଲିଆ ୩୦୩
୪୮୦	୩୦୪	ବେସରକାରୀ	ଡଙ୍ଗର/୧	୦.୦୬୬	ଖୁରସାନି ଭଜନ, ଖୁରସାନି ପରିମଳ, ପିତା: ଖୁରସାନି ଉଇବାନ, ଜାତି: ମାଳି, ଗ୍ରାମ: କୁନ୍ଦୁର୍ଗା ଗୁଡ଼ା ତୋଲିଆ ୩୦୪
୪୮୧	୩୦୫	ବେସରକାରୀ	ଡଙ୍ଗର/୨	୦.୬୬୭	ଖୁରସାନି ଲକ୍ଷ୍ମୀନାଥ, ଖୁରସାନି ପିତାମର, ଜାତି: ମାଳି, ଗ୍ରାମ: କୁନ୍ଦୁର୍ଗା, ଗୁଡ଼ା ତୋଲିଆ ୩୦୫
୪୮୨	୩୦୬	ବେସରକାରୀ	ଡଙ୍ଗର/୩	୦.୪୮୫	କାଲନ୍ଦିଆ ଭିମ, କାଲନ୍ଦିଆ ଶମ, ପିତା: କାଲନ୍ଦିଆ ଶମ, ଜାତି: ମାଳି, ଗ୍ରାମ: କୁନ୍ଦୁର୍ଗା, ଗୁଡ଼ା ତୋଲିଆ ୩୦୬
୪୮୩	୩୦୭	ବେସରକାରୀ	ଡଙ୍ଗର/୨	୦.୪୮୫	କାଲନ୍ଦିଆ ଧନ, କାଲନ୍ଦିଆ ଦଇତାରି, ପିତା: କାଲନ୍ଦିଆ ପଦିମା, ଜାତି: ମାଳି, ଗ୍ରାମ: କୁନ୍ଦୁର୍ଗା ଗୁଡ଼ା ତୋଲିଆ ୩୦୭
୪୮୪	୩୦୯	ବେସରକାରୀ	ଡଙ୍ଗର/୨	୦.୨୬୧	ଖୁରସାନି ଲକ୍ଷ୍ମୀନାଥ, ଖୁରସାନି ପିତାମର, ଜାତି: ମାଳି, ଗ୍ରାମ: କୁନ୍ଦୁର୍ଗା, ଗୁଡ଼ା ତୋଲିଆ ୩୦୯
୪୮୫	୩୧୦	ବେସରକାରୀ	ଡଙ୍ଗର/୨	୦.୧୯୪	ତୋଲିଆ ଚୁଭାନ, ତୋଲିଆ ଦୁର୍ଜନ, ତୋଲିଆ ଆଇତ, ପିତା: ତୋଲିଆ ଜଗନ୍ନାଥ, ଜାତି: ମାଳି, ଗ୍ରାମ: କୁନ୍ଦୁର୍ଗା ଗୁଡ଼ା ତୋଲିଆ ୩୧୦
୪୮୬	୩୧୧	ବେସରକାରୀ	ଡଙ୍ଗର/୨	୦.୮୬୩	କେ ସଞ୍ଚିତିଆ ନାୟକ, ସ୍ୱାମୀ: କେ ଯୋଗ ରାଓ, ଜାତି: ଗଡ଼ବା, ଗ୍ରାମ: ନେନ ରୋଡ୍, ପୋଷ୍ଟ ଅଫିସ୍ ପାଖ, ସିମିଳିଗୁଡ଼ା, ଯୋଗାନ-ସିମିଳିଗୁଡ଼ା, କୋରାପୁଟ ୩୧୧
୪୮୭	୩୧୨	ବେସରକାରୀ	ଡଙ୍ଗର/୨	୦.୩୩୬	ଖୁରସାନି ଧନ, ଖୁରସାନି ରାମକୃଷ୍ଣ, ପିତା: ଖୁରସାନି ରାମଚନ୍ଦ୍ର, ଜାତି: ମାଳି, ଗ୍ରାମ: କୁନ୍ଦୁର୍ଗା ଗୁଡ଼ା ଦେଭିଗୁଡ଼ା ୩୧୨
୪୮୮	୩୧୩	ସରକାରୀ	ଗଛ	୦.୦୭	ଅବାଦ ଅଯୋଗ୍ୟ ଅନାବାଦୀ ୩୧୩
୪୮୯	୩୧୫	ସରକାରୀ	ନୟନଜୋରୀ	୦.୧୫୬୬	ଜଳସମ୍ପଦ କାର୍ଯ୍ୟ ବିଭାଗ ୩୧୫
୪୯୦	୩୧୬	ସରକାରୀ	ନୟନଜୋରୀ	୦.୦୦୫	ଜଳସମ୍ପଦ କାର୍ଯ୍ୟ ବିଭାଗ ୩୧୬
୪୯୧	୩୧୭	ସରକାରୀ	ନୟନଜୋରୀ	୦.୦୧୯	ଜଳସମ୍ପଦ କାର୍ଯ୍ୟ ବିଭାଗ ୩୧୭
୪୯୨	୫୧୫	ସରକାରୀ	ପଡ଼ିଆ	୧.୭୬୬	ଅବାଦ ଅଯୋଗ୍ୟ ଅନାବାଦୀ ୫୧୫
୪୯୩	୫୧୫	ବେସରକାରୀ	ଡଙ୍ଗର/୨	୦.୩୨୨	ସୁକ୍ରୁଧ ନାଲୁ, ସୁକ୍ରୁଧ ସୁକୁନ୍ଦା, ସୁକ୍ରୁଧ ହେତୁ, ସୁକ୍ରୁଧ ଲାଲୁ, ପିତା: ସୁକ୍ରୁଧ ମୁଲିଆ, ଜାତି: ପରଜା, ଗ୍ରାମ: କୁନ୍ଦୁର୍ଗା ୫୧୫
୪୯୪	୫୧୮ / ୫୦୯	ବେସରକାରୀ	ଡଙ୍ଗର/୨	୦.୨୫୧	ପାରିଜାଲା ଲୋକନାଥ, ପାରିଜାଲା ତ୍ରିନାଥ ରାଓ, ପିତା: ପାରିଜାଲା ପଦ୍ମନାଭ, ଜାତି: ଶୁଣ୍ଡି, ଗ୍ରାମ: ଫୁଲବାଡ଼ ୫୧୮/୫୦୯
୪୯୫	୫୧୬	ସରକାରୀ	ନୟନଜୋରୀ	୦.୦୫	ଜଳସମ୍ପଦ କାର୍ଯ୍ୟ ବିଭାଗ ୫୧୬
୪୯୬	୫୧୭	ସରକାରୀ	ସଡ଼କ	୦.୦୩୯୫	ଜଳସମ୍ପଦ କାର୍ଯ୍ୟ ବିଭାଗ ୫୧୭
୪୯୭	୫୧୮	ସରକାରୀ	ନୟନଜୋରୀ	୦.୦୨୩୩	ଜଳସମ୍ପଦ କାର୍ଯ୍ୟ ବିଭାଗ ୫୧୮
୪୯୮	୫୧୯	ବେସରକାରୀ	ଡଙ୍ଗର/୨	୦.୦୦୫୮	ବାବୁ ଲେଦୁ, ବାବୁ ଜୁଲା, ପିତା: ବାବୁ ଲାଲୁ, ଜାତି: ପରଜା, ଗ୍ରାମ: କୁନ୍ଦୁର୍ଗା ୫୧୯
୪୯୯	୫୨୦	ବେସରକାରୀ	ନାଳ	୦.୦୧୫	ଅବାଦ ଅଯୋଗ୍ୟ ଅନାବାଦୀ ୫୨୦
୫୦୦	୫୨୨	ବେସରକାରୀ	ଡଙ୍ଗର/୨	୦.୩୫୫୩	ଜେମିଲି ଗାଣି ନାଏକ, ପିତା: ଜେମିଲି ଆଶାଧୁ ନାଏକ, ଧନ ନାଏକ, ସୁକୁରା ନାଏକ, ପିତା: ଲାଲ ନାଏକ, ଜାତି: ଗଡ଼ବା, ଗ୍ରାମ: କୁନ୍ଦୁର୍ଗା ୫୨୨
୫୦୧	୫୨୩	ବେସରକାରୀ	ଡଙ୍ଗର/୨	୦.୨୯୫୨	ବାଲ ଗୁରୁ, ବାଲ ଶମ, ବାଲ ଲିନ୍ଦ, ବାଲ ଲାଲୁ, ବାଲ ରାମଚନ୍ଦ୍ର, ବାଲ ତେଡ଼ୁ, ପିତା: ବାଲ କିନ୍ତୁ, ଜାତି: ପରଜା, ଗ୍ରାମ: କୁନ୍ଦୁର୍ଗା ୫୨୩
ଗ୍ରାମ: କୁଞ୍ଜୁରି					
୫୦୨	୧୫	ବେସରକାରୀ	ଡଙ୍ଗର/୨	୦.୦୫୫୬	ଆରିକି କେଦା, ପିତା: ଲାଲୁ ଚରଣ ବେହେରା, ଜାତି: ଶବାଇଡ଼, ଗ୍ରାମ: ସୁନାବେଡ଼ା ୩୧୫
୫୦୩	୧୬	ବେସରକାରୀ	ଡଙ୍ଗର/୨	୦.୦୫	ଆଣ୍ଟୁବାଗ ଶ୍ରୀ ରଘୁନାଥ ସାହୁ, ପିତା: ସାହୁ କାଶୀ ଚନ୍ଦ୍ରନାଥ, ଜାତି: ତେଲି, ଗ୍ରାମ: କୁଞ୍ଜୁରି, ଗୁଡ଼ା ଦେବେରାଗୁଡ଼ା ୧୬
୫୦୪	୨୦୬	ବେସରକାରୀ	ଡଙ୍ଗର/୨	୦.୦୮	ସୁଆମନାଡ଼ା ଗୋପୁ, ପିତା: ସୁଆମନାଡ଼ା ମାଧୁ, ଜାତି: ପରଜା, ଗ୍ରାମ: କୁଞ୍ଜୁରି ଗୁଡ଼ା - ଦେବେରାଗୁଡ଼ା ୨୦୬
୫୦୫	୨୦୭	ବେସରକାରୀ	ଡଙ୍ଗର/୨	୦.୦୮	ସୁଆମନାଡ଼ା ପାଲିଆ, ସୁଆମନାଡ଼ା ଲାଲ, ପିତା: ସୁଆମନାଡ଼ା ମଙ୍ଗଳ, ଜାତି: ପରଜା, ଗ୍ରାମ: କୁଞ୍ଜୁରି ଗୁଡ଼ା - ଦେବେରାଗୁଡ଼ା ୨୦୭

Cont. Page...
